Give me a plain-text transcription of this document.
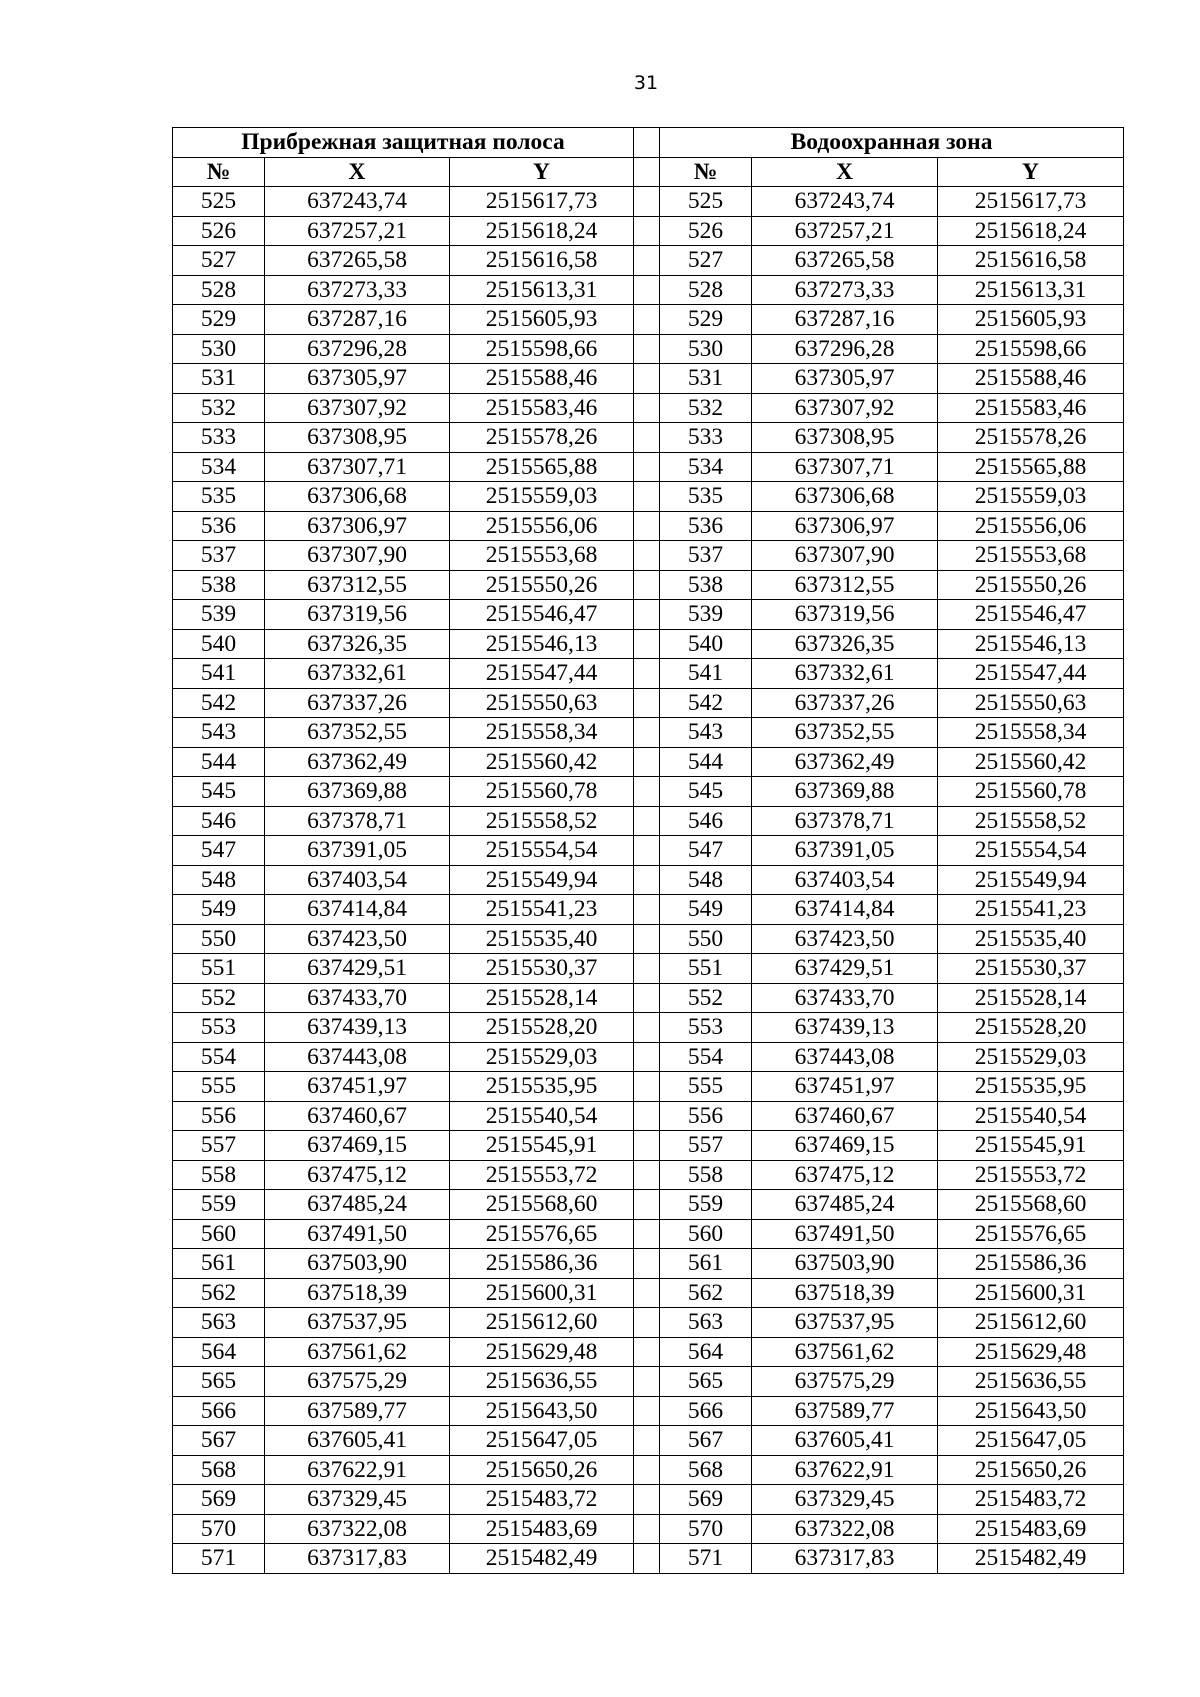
31
Прибрежная защитная полоса				Водоохранная зона		
№	X	Y		№	X	Y
525	637243,74	2515617,73		525	637243,74	2515617,73
526	637257,21	2515618,24		526	637257,21	2515618,24
527	637265,58	2515616,58		527	637265,58	2515616,58
528	637273,33	2515613,31		528	637273,33	2515613,31
529	637287,16	2515605,93		529	637287,16	2515605,93
530	637296,28	2515598,66		530	637296,28	2515598,66
531	637305,97	2515588,46		531	637305,97	2515588,46
532	637307,92	2515583,46		532	637307,92	2515583,46
533	637308,95	2515578,26		533	637308,95	2515578,26
534	637307,71	2515565,88		534	637307,71	2515565,88
535	637306,68	2515559,03		535	637306,68	2515559,03
536	637306,97	2515556,06		536	637306,97	2515556,06
537	637307,90	2515553,68		537	637307,90	2515553,68
538	637312,55	2515550,26		538	637312,55	2515550,26
539	637319,56	2515546,47		539	637319,56	2515546,47
540	637326,35	2515546,13		540	637326,35	2515546,13
541	637332,61	2515547,44		541	637332,61	2515547,44
542	637337,26	2515550,63		542	637337,26	2515550,63
543	637352,55	2515558,34		543	637352,55	2515558,34
544	637362,49	2515560,42		544	637362,49	2515560,42
545	637369,88	2515560,78		545	637369,88	2515560,78
546	637378,71	2515558,52		546	637378,71	2515558,52
547	637391,05	2515554,54		547	637391,05	2515554,54
548	637403,54	2515549,94		548	637403,54	2515549,94
549	637414,84	2515541,23		549	637414,84	2515541,23
550	637423,50	2515535,40		550	637423,50	2515535,40
551	637429,51	2515530,37		551	637429,51	2515530,37
552	637433,70	2515528,14		552	637433,70	2515528,14
553	637439,13	2515528,20		553	637439,13	2515528,20
554	637443,08	2515529,03		554	637443,08	2515529,03
555	637451,97	2515535,95		555	637451,97	2515535,95
556	637460,67	2515540,54		556	637460,67	2515540,54
557	637469,15	2515545,91		557	637469,15	2515545,91
558	637475,12	2515553,72		558	637475,12	2515553,72
559	637485,24	2515568,60		559	637485,24	2515568,60
560	637491,50	2515576,65		560	637491,50	2515576,65
561	637503,90	2515586,36		561	637503,90	2515586,36
562	637518,39	2515600,31		562	637518,39	2515600,31
563	637537,95	2515612,60		563	637537,95	2515612,60
564	637561,62	2515629,48		564	637561,62	2515629,48
565	637575,29	2515636,55		565	637575,29	2515636,55
566	637589,77	2515643,50		566	637589,77	2515643,50
567	637605,41	2515647,05		567	637605,41	2515647,05
568	637622,91	2515650,26		568	637622,91	2515650,26
569	637329,45	2515483,72		569	637329,45	2515483,72
570	637322,08	2515483,69		570	637322,08	2515483,69
571	637317,83	2515482,49		571	637317,83	2515482,49
